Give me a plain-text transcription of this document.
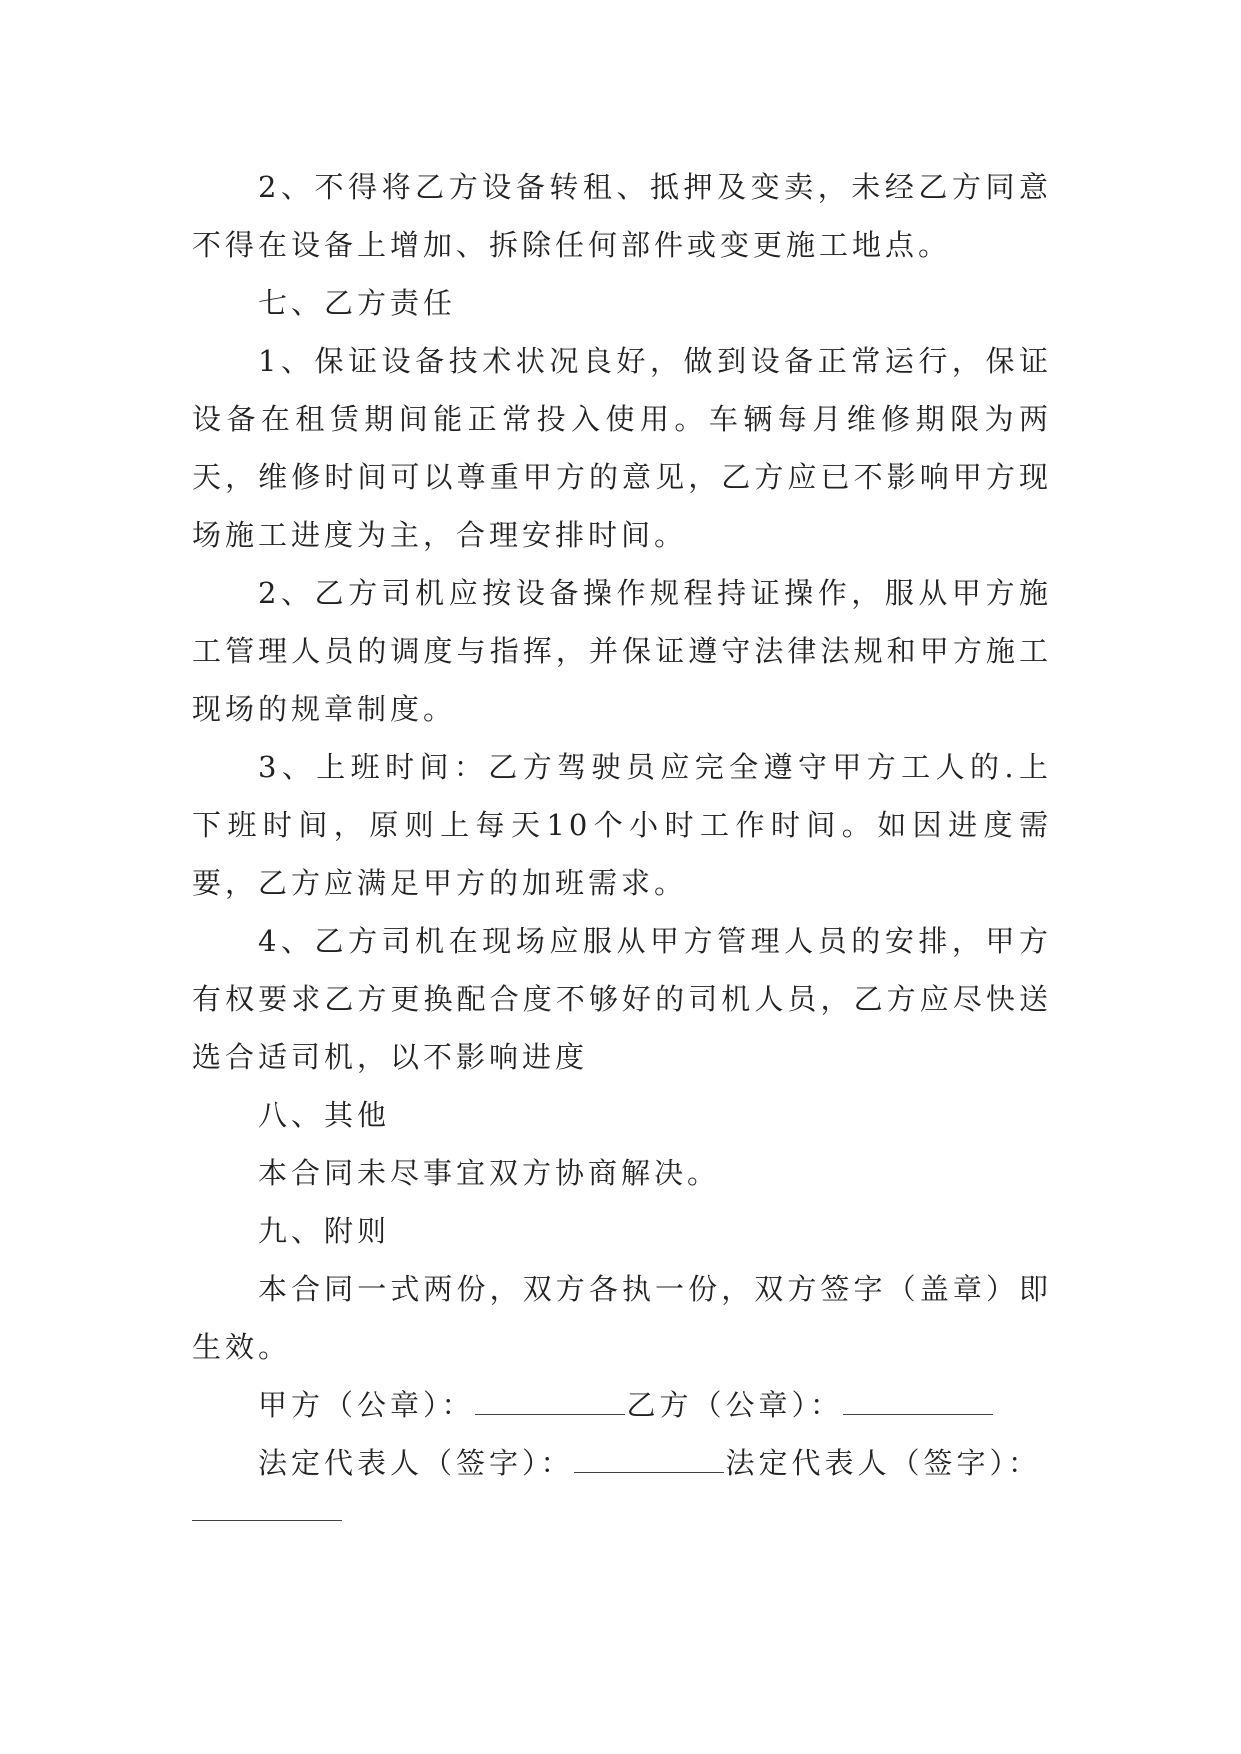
2、不得将乙方设备转租、抵押及变卖，未经乙方同意不得在设备上增加、拆除任何部件或变更施工地点。

七、乙方责任

1、保证设备技术状况良好，做到设备正常运行，保证设备在租赁期间能正常投入使用。车辆每月维修期限为两天，维修时间可以尊重甲方的意见，乙方应已不影响甲方现场施工进度为主，合理安排时间。

2、乙方司机应按设备操作规程持证操作，服从甲方施工管理人员的调度与指挥，并保证遵守法律法规和甲方施工现场的规章制度。

3、上班时间：乙方驾驶员应完全遵守甲方工人的.上下班时间，原则上每天10个小时工作时间。如因进度需要，乙方应满足甲方的加班需求。

4、乙方司机在现场应服从甲方管理人员的安排，甲方有权要求乙方更换配合度不够好的司机人员，乙方应尽快送选合适司机，以不影响进度

八、其他

本合同未尽事宜双方协商解决。

九、附则

本合同一式两份，双方各执一份，双方签字（盖章）即生效。

甲方（公章）：	乙方（公章）：

法定代表人（签字）：	法定代表人（签字）：
